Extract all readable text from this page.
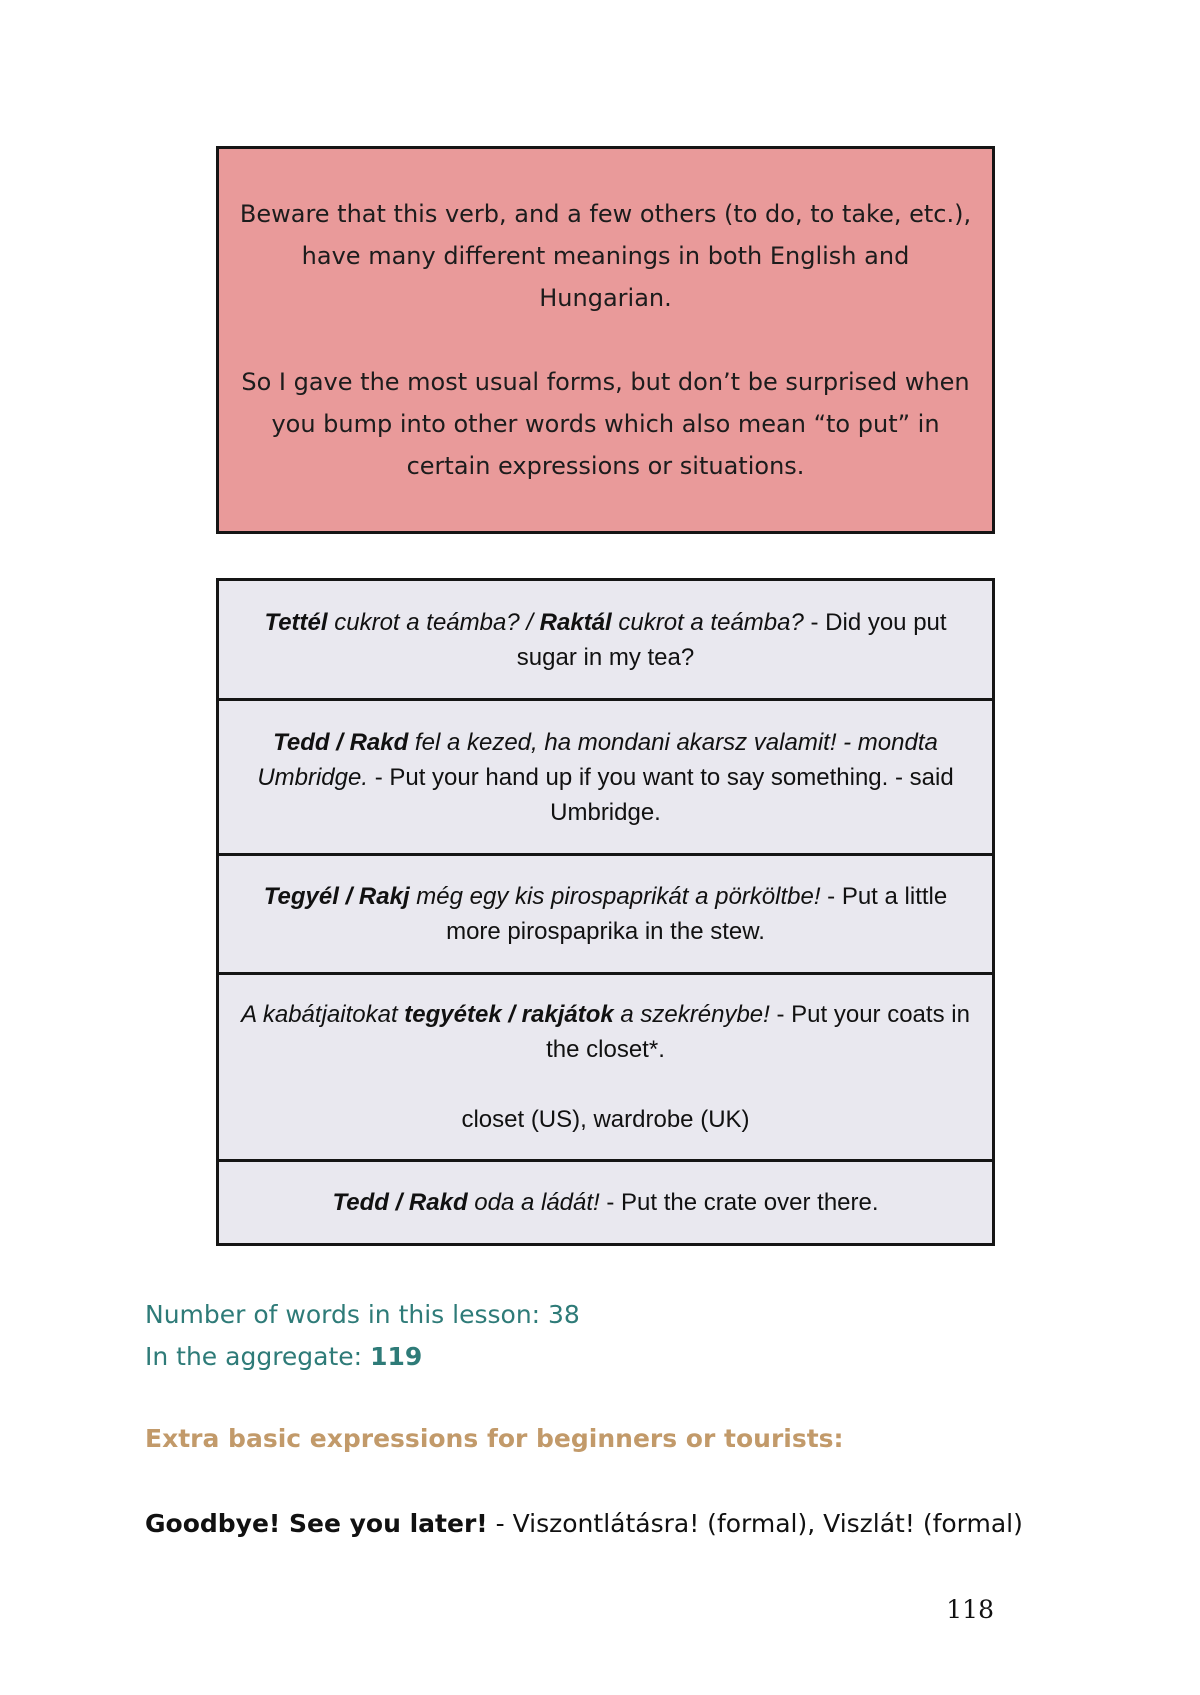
Beware that this verb, and a few others (to do, to take, etc.), have many different meanings in both English and Hungarian.

So I gave the most usual forms, but don’t be surprised when you bump into other words which also mean “to put” in certain expressions or situations.

Tettél cukrot a teámba? / Raktál cukrot a teámba? - Did you put sugar in my tea?

Tedd / Rakd fel a kezed, ha mondani akarsz valamit! - mondta Umbridge. - Put your hand up if you want to say something. - said Umbridge.

Tegyél / Rakj még egy kis pirospaprikát a pörköltbe! - Put a little more pirospaprika in the stew.

A kabátjaitokat tegyétek / rakjátok a szekrénybe! - Put your coats in the closet*.

closet (US), wardrobe (UK)

Tedd / Rakd oda a ládát! - Put the crate over there.

Number of words in this lesson: 38
In the aggregate: 119
Extra basic expressions for beginners or tourists:
Goodbye! See you later! - Viszontlátásra! (formal), Viszlát! (formal)
118
